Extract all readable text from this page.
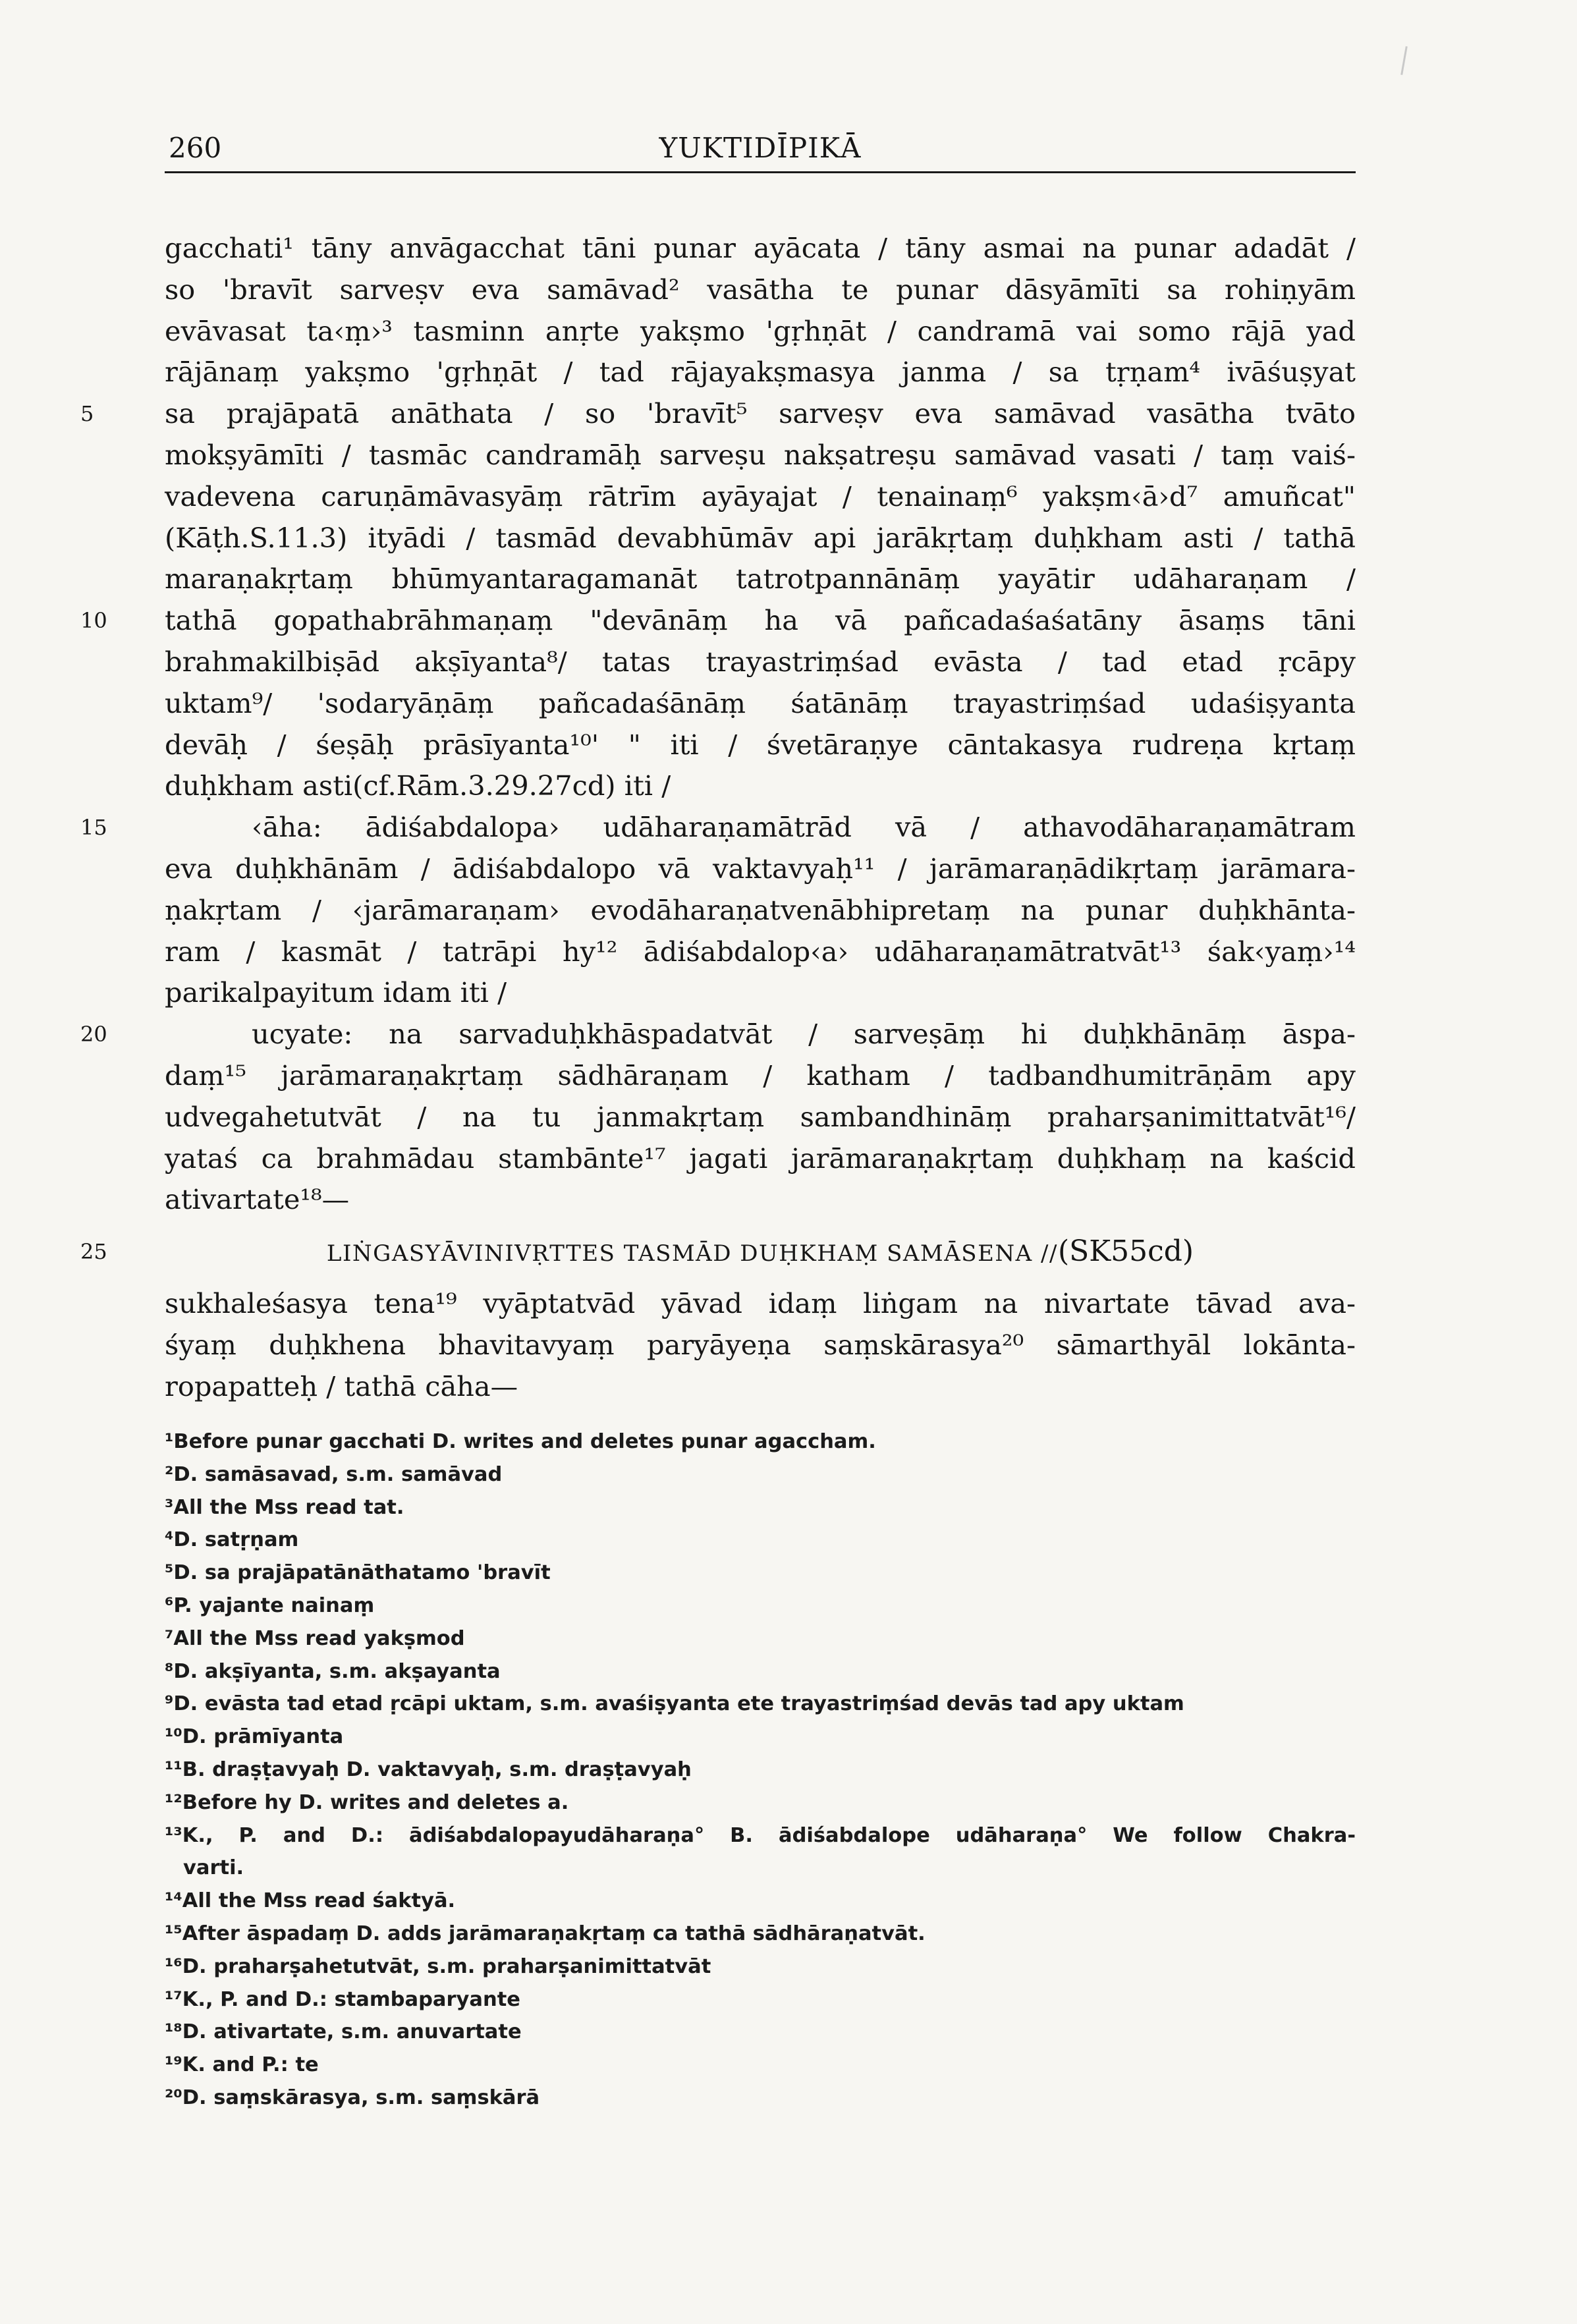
260	YUKTIDĪPIKĀ
gacchati¹ tāny anvāgacchat tāni punar ayācata / tāny asmai na punar adadāt /
so 'bravīt sarveṣv eva samāvad² vasātha te punar dāsyāmīti sa rohiṇyām
evāvasat ta‹ṃ›³ tasminn anṛte yakṣmo 'gṛhṇāt / candramā vai somo rājā yad
rājānaṃ yakṣmo 'gṛhṇāt / tad rājayakṣmasya janma / sa tṛṇam⁴ ivāśuṣyat
5	sa prajāpatā anāthata / so 'bravīt⁵ sarveṣv eva samāvad vasātha tvāto
mokṣyāmīti / tasmāc candramāḥ sarveṣu nakṣatreṣu samāvad vasati / taṃ vaiś-
vadevena caruṇāmāvasyāṃ rātrīm ayāyajat / tenainaṃ⁶ yakṣm‹ā›d⁷ amuñcat"
(Kāṭh.S.11.3) ityādi / tasmād devabhūmāv api jarākṛtaṃ duḥkham asti / tathā
maraṇakṛtaṃ bhūmyantaragamanāt tatrotpannānāṃ yayātir udāharaṇam /
10	tathā gopathabrāhmaṇaṃ "devānāṃ ha vā pañcadaśaśatāny āsaṃs tāni
brahmakilbiṣād akṣīyanta⁸/ tatas trayastriṃśad evāsta / tad etad ṛcāpy
uktam⁹/ 'sodaryāṇāṃ pañcadaśānāṃ śatānāṃ trayastriṃśad udaśiṣyanta
devāḥ / śeṣāḥ prāsīyanta¹⁰' " iti / śvetāraṇye cāntakasya rudreṇa kṛtaṃ
duḥkham asti(cf.Rām.3.29.27cd) iti /
15	‹āha: ādiśabdalopa› udāharaṇamātrād vā / athavodāharaṇamātram
eva duḥkhānām / ādiśabdalopo vā vaktavyaḥ¹¹ / jarāmaraṇādikṛtaṃ jarāmara-
ṇakṛtam / ‹jarāmaraṇam› evodāharaṇatvenābhipretaṃ na punar duḥkhānta-
ram / kasmāt / tatrāpi hy¹² ādiśabdalop‹a› udāharaṇamātratvāt¹³ śak‹yaṃ›¹⁴
parikalpayitum idam iti /
20	ucyate: na sarvaduḥkhāspadatvāt / sarveṣāṃ hi duḥkhānāṃ āspa-
daṃ¹⁵ jarāmaraṇakṛtaṃ sādhāraṇam / katham / tadbandhumitrāṇām apy
udvegahetutvāt / na tu janmakṛtaṃ sambandhināṃ praharṣanimittatvāt¹⁶/
yataś ca brahmādau stambānte¹⁷ jagati jarāmaraṇakṛtaṃ duḥkhaṃ na kaścid
ativartate¹⁸—
25	LIṄGASYĀVINIVṚTTES TASMĀD DUḤKHAṂ SAMĀSENA //(SK55cd)
sukhaleśasya tena¹⁹ vyāptatvād yāvad idaṃ liṅgam na nivartate tāvad ava-
śyaṃ duḥkhena bhavitavyaṃ paryāyeṇa saṃskārasya²⁰ sāmarthyāl lokānta-
ropapatteḥ / tathā cāha—
¹Before punar gacchati D. writes and deletes punar agaccham.
²D. samāsavad, s.m. samāvad
³All the Mss read tat.
⁴D. satṛṇam
⁵D. sa prajāpatānāthatamo 'bravīt
⁶P. yajante nainaṃ
⁷All the Mss read yakṣmod
⁸D. akṣīyanta, s.m. akṣayanta
⁹D. evāsta tad etad ṛcāpi uktam, s.m. avaśiṣyanta ete trayastriṃśad devās tad apy uktam
¹⁰D. prāmīyanta
¹¹B. draṣṭavyaḥ D. vaktavyaḥ, s.m. draṣṭavyaḥ
¹²Before hy D. writes and deletes a.
¹³K., P. and D.: ādiśabdalopayudāharaṇa° B. ādiśabdalope udāharaṇa° We follow Chakra-
varti.
¹⁴All the Mss read śaktyā.
¹⁵After āspadaṃ D. adds jarāmaraṇakṛtaṃ ca tathā sādhāraṇatvāt.
¹⁶D. praharṣahetutvāt, s.m. praharṣanimittatvāt
¹⁷K., P. and D.: stambaparyante
¹⁸D. ativartate, s.m. anuvartate
¹⁹K. and P.: te
²⁰D. saṃskārasya, s.m. saṃskārā
